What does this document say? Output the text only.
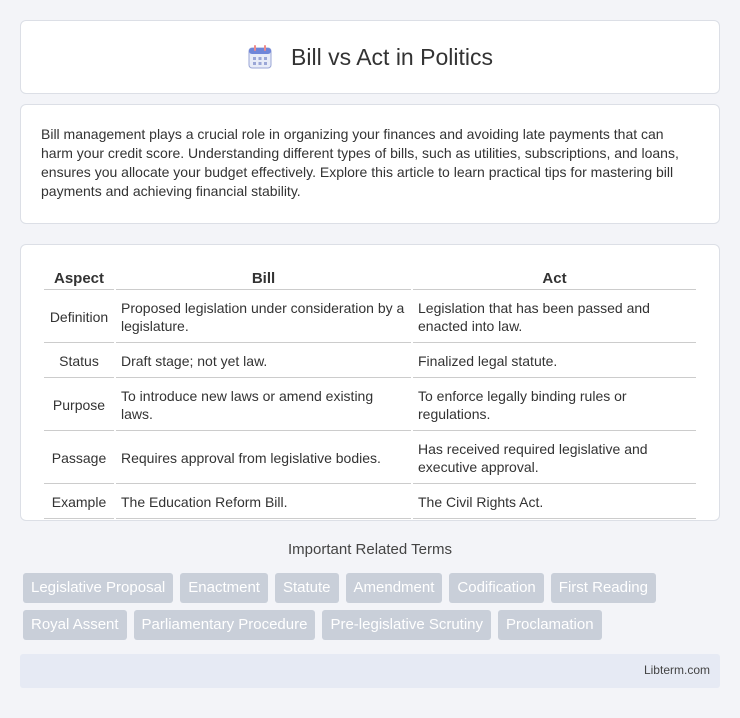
Bill vs Act in Politics

Bill management plays a crucial role in organizing your finances and avoiding late payments that can harm your credit score. Understanding different types of bills, such as utilities, subscriptions, and loans, ensures you allocate your budget effectively. Explore this article to learn practical tips for mastering bill payments and achieving financial stability.

Aspect	Bill	Act
Definition	Proposed legislation under consideration by a legislature.	Legislation that has been passed and enacted into law.
Status	Draft stage; not yet law.	Finalized legal statute.
Purpose	To introduce new laws or amend existing laws.	To enforce legally binding rules or regulations.
Passage	Requires approval from legislative bodies.	Has received required legislative and executive approval.
Example	The Education Reform Bill.	The Civil Rights Act.
Important Related Terms
Legislative Proposal	Enactment	Statute	Amendment	Codification	First Reading
Royal Assent	Parliamentary Procedure	Pre-legislative Scrutiny	Proclamation
Libterm.com
